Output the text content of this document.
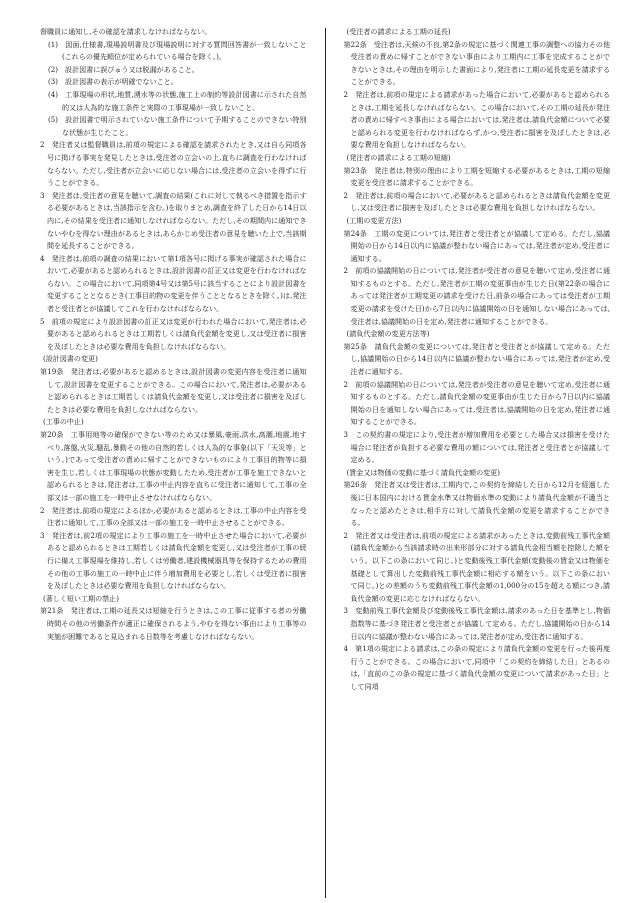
督職員に通知し,その確認を請求しなければならない。

(1)　図面,仕様書,現場説明書及び現場説明に対する質問回答書が一致しないこと(これらの優先順位が定められている場合を除く。)。

(2)　設計図書に誤びゅう又は脱漏があること。

(3)　設計図書の表示が明確でないこと。

(4)　工事現場の形状,地質,湧水等の状態,施工上の制約等設計図書に示された自然的又は人為的な施工条件と実際の工事現場が一致しないこと。

(5)　設計図書で明示されていない施工条件について予期することのできない特別な状態が生じたこと。

2　発注者又は監督職員は,前項の規定による確認を請求されたとき,又は自ら同項各号に掲げる事実を発見したときは,受注者の立会いの上,直ちに調査を行わなければならない。ただし,受注者が立会いに応じない場合には,受注者の立会いを得ずに行うことができる。

3　発注者は,受注者の意見を聴いて,調査の結果(これに対して執るべき措置を指示する必要があるときは,当該指示を含む。)を取りまとめ,調査を終了した日から14日以内に,その結果を受注者に通知しなければならない。ただし,その期間内に通知できないやむを得ない理由があるときは,あらかじめ受注者の意見を聴いた上で,当該期間を延長することができる。

4　発注者は,前項の調査の結果において第1項各号に掲げる事実が確認された場合において,必要があると認められるときは,設計図書の訂正又は変更を行わなければならない。この場合において,同項第4号又は第5号に該当することにより設計図書を変更することとなるとき(工事目的物の変更を伴うこととなるときを除く。)は,発注者と受注者とが協議してこれを行わなければならない。

5　前項の規定により設計図書の訂正又は変更が行われた場合において,発注者は,必要があると認められるときは工期若しくは請負代金額を変更し,又は受注者に損害を及ぼしたときは必要な費用を負担しなければならない。

(設計図書の変更)

第19条　発注者は,必要があると認めるときは,設計図書の変更内容を受注者に通知して,設計図書を変更することができる。この場合において,発注者は,必要があると認められるときは工期若しくは請負代金額を変更し,又は受注者に損害を及ぼしたときは必要な費用を負担しなければならない。

(工事の中止)

第20条　工事用地等の確保ができない等のため又は暴風,豪雨,洪水,高潮,地震,地すべり,落盤,火災,騒乱,暴動その他の自然的若しくは人為的な事象(以下「天災等」という。)であって受注者の責めに帰すことができないものにより工事目的物等に損害を生じ,若しくは工事現場の状態が変動したため,受注者が工事を施工できないと認められるときは,発注者は,工事の中止内容を直ちに受注者に通知して,工事の全部又は一部の施工を一時中止させなければならない。

2　発注者は,前項の規定によるほか,必要があると認めるときは,工事の中止内容を受注者に通知して,工事の全部又は一部の施工を一時中止させることができる。

3　発注者は,前2項の規定により工事の施工を一時中止させた場合において,必要があると認められるときは工期若しくは請負代金額を変更し,又は受注者が工事の続行に備え工事現場を維持し,若しくは労働者,建設機械器具等を保持するための費用その他の工事の施工の一時中止に伴う増加費用を必要とし,若しくは受注者に損害を及ぼしたときは必要な費用を負担しなければならない。

(著しく短い工期の禁止)

第21条　発注者は,工期の延長又は短縮を行うときは,この工事に従事する者の労働時間その他の労働条件が適正に確保されるよう,やむを得ない事由により工事等の実施が困難であると見込まれる日数等を考慮しなければならない。

(受注者の請求による工期の延長)

第22条　受注者は,天候の不良,第2条の規定に基づく関連工事の調整への協力その他受注者の責めに帰すことができない事由により工期内に工事を完成することができないときは,その理由を明示した書面により,発注者に工期の延長変更を請求することができる。

2　発注者は,前項の規定による請求があった場合において,必要があると認められるときは,工期を延長しなければならない。この場合において,その工期の延長が発注者の責めに帰すべき事由による場合においては,発注者は,請負代金額について必要と認められる変更を行わなければならず,かつ,受注者に損害を及ぼしたときは,必要な費用を負担しなければならない。

(発注者の請求による工期の短縮)

第23条　発注者は,特別の理由により工期を短縮する必要があるときは,工期の短縮変更を受注者に請求することができる。

2　発注者は,前項の場合において,必要があると認められるときは請負代金額を変更し,又は受注者に損害を及ぼしたときは必要な費用を負担しなければならない。

(工期の変更方法)

第24条　工期の変更については,発注者と受注者とが協議して定める。ただし,協議開始の日から14日以内に協議が整わない場合にあっては,発注者が定め,受注者に通知する。

2　前項の協議開始の日については,発注者が受注者の意見を聴いて定め,受注者に通知するものとする。ただし,発注者が工期の変更事由が生じた日(第22条の場合にあっては発注者が工期変更の請求を受けた日,前条の場合にあっては受注者が工期変更の請求を受けた日)から7日以内に協議開始の日を通知しない場合にあっては,受注者は,協議開始の日を定め,発注者に通知することができる。

(請負代金額の変更方法等)

第25条　請負代金額の変更については,発注者と受注者とが協議して定める。ただし,協議開始の日から14日以内に協議が整わない場合にあっては,発注者が定め,受注者に通知する。

2　前項の協議開始の日については,発注者が受注者の意見を聴いて定め,受注者に通知するものとする。ただし,請負代金額の変更事由が生じた日から7日以内に協議開始の日を通知しない場合にあっては,受注者は,協議開始の日を定め,発注者に通知することができる。

3　この契約書の規定により,受注者が増加費用を必要とした場合又は損害を受けた場合に発注者が負担する必要な費用の額については,発注者と受注者とが協議して定める。

(賃金又は物価の変動に基づく請負代金額の変更)

第26条　発注者又は受注者は,工期内で,この契約を締結した日から12月を経過した後に日本国内における賃金水準又は物価水準の変動により請負代金額が不適当となったと認めたときは,相手方に対して請負代金額の変更を請求することができる。

2　発注者又は受注者は,前項の規定による請求があったときは,変動前残工事代金額(請負代金額から当該請求時の出来形部分に対する請負代金相当額を控除した額をいう。以下この条において同じ。)と変動後残工事代金額(変動後の賃金又は物価を基礎として算出した変動前残工事代金額に相応する額をいう。以下この条において同じ。)との差額のうち変動前残工事代金額の1,000分の15を超える額につき,請負代金額の変更に応じなければならない。

3　変動前残工事代金額及び変動後残工事代金額は,請求のあった日を基準とし,物価指数等に基づき発注者と受注者とが協議して定める。ただし,協議開始の日から14日以内に協議が整わない場合にあっては,発注者が定め,受注者に通知する。

4　第1項の規定による請求は,この条の規定により請負代金額の変更を行った後再度行うことができる。この場合において,同項中「この契約を締結した日」とあるのは,「直前のこの条の規定に基づく請負代金額の変更について請求があった日」として同項
